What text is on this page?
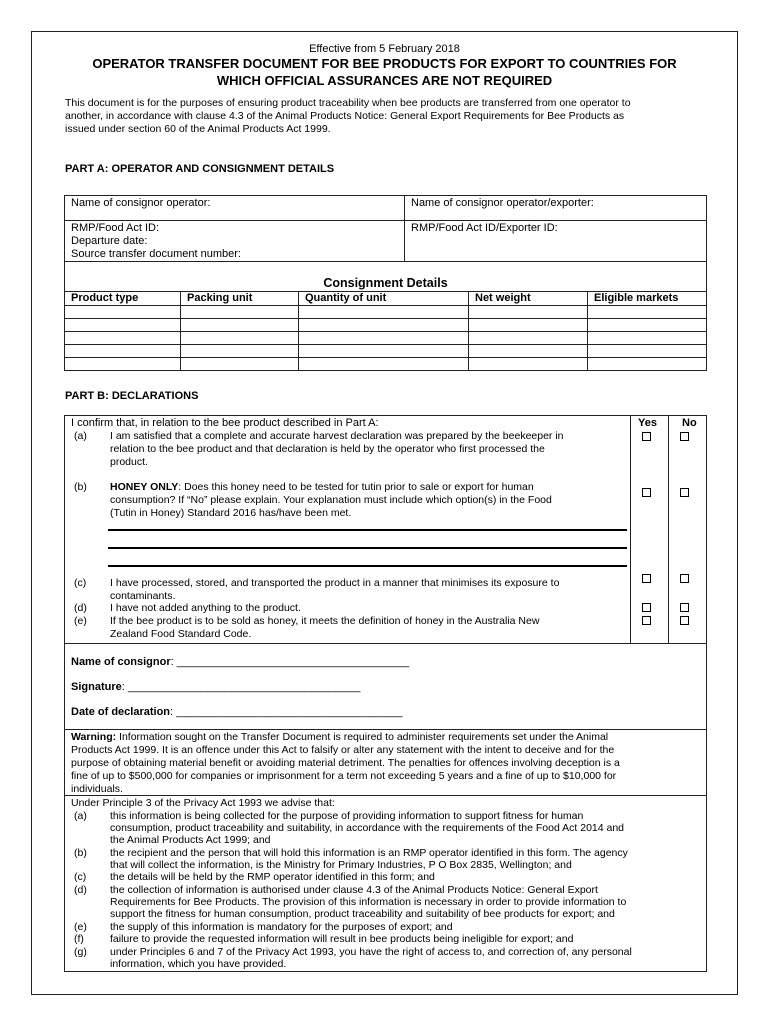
Effective from 5 February 2018
OPERATOR TRANSFER DOCUMENT FOR BEE PRODUCTS FOR EXPORT TO COUNTRIES FOR
WHICH OFFICIAL ASSURANCES ARE NOT REQUIRED
This document is for the purposes of ensuring product traceability when bee products are transferred from one operator to
another, in accordance with clause 4.3 of the Animal Products Notice: General Export Requirements for Bee Products as
issued under section 60 of the Animal Products Act 1999.
PART A: OPERATOR AND CONSIGNMENT DETAILS
Name of consignor operator:	Name of consignor operator/exporter:
RMP/Food Act ID:	RMP/Food Act ID/Exporter ID:
Departure date:
Source transfer document number:
Consignment Details
Product type	Packing unit	Quantity of unit	Net weight	Eligible markets
PART B: DECLARATIONS
Yes No
I confirm that, in relation to the bee product described in Part A:
(a) I am satisfied that a complete and accurate harvest declaration was prepared by the beekeeper in
relation to the bee product and that declaration is held by the operator who first processed the
product.
(b) HONEY ONLY: Does this honey need to be tested for tutin prior to sale or export for human
consumption? If “No” please explain. Your explanation must include which option(s) in the Food
(Tutin in Honey) Standard 2016 has/have been met.
(c) I have processed, stored, and transported the product in a manner that minimises its exposure to
contaminants.
(d) I have not added anything to the product.
(e) If the bee product is to be sold as honey, it meets the definition of honey in the Australia New
Zealand Food Standard Code.
Name of consignor: ______________________________________
Signature: ______________________________________
Date of declaration: _____________________________________
Warning: Information sought on the Transfer Document is required to administer requirements set under the Animal
Products Act 1999. It is an offence under this Act to falsify or alter any statement with the intent to deceive and for the
purpose of obtaining material benefit or avoiding material detriment. The penalties for offences involving deception is a
fine of up to $500,000 for companies or imprisonment for a term not exceeding 5 years and a fine of up to $10,000 for
individuals.
Under Principle 3 of the Privacy Act 1993 we advise that:
(a) this information is being collected for the purpose of providing information to support fitness for human
consumption, product traceability and suitability, in accordance with the requirements of the Food Act 2014 and
the Animal Products Act 1999; and
(b) the recipient and the person that will hold this information is an RMP operator identified in this form. The agency
that will collect the information, is the Ministry for Primary Industries, P O Box 2835, Wellington; and
(c) the details will be held by the RMP operator identified in this form; and
(d) the collection of information is authorised under clause 4.3 of the Animal Products Notice: General Export
Requirements for Bee Products. The provision of this information is necessary in order to provide information to
support the fitness for human consumption, product traceability and suitability of bee products for export; and
(e) the supply of this information is mandatory for the purposes of export; and
(f) failure to provide the requested information will result in bee products being ineligible for export; and
(g) under Principles 6 and 7 of the Privacy Act 1993, you have the right of access to, and correction of, any personal
information, which you have provided.
